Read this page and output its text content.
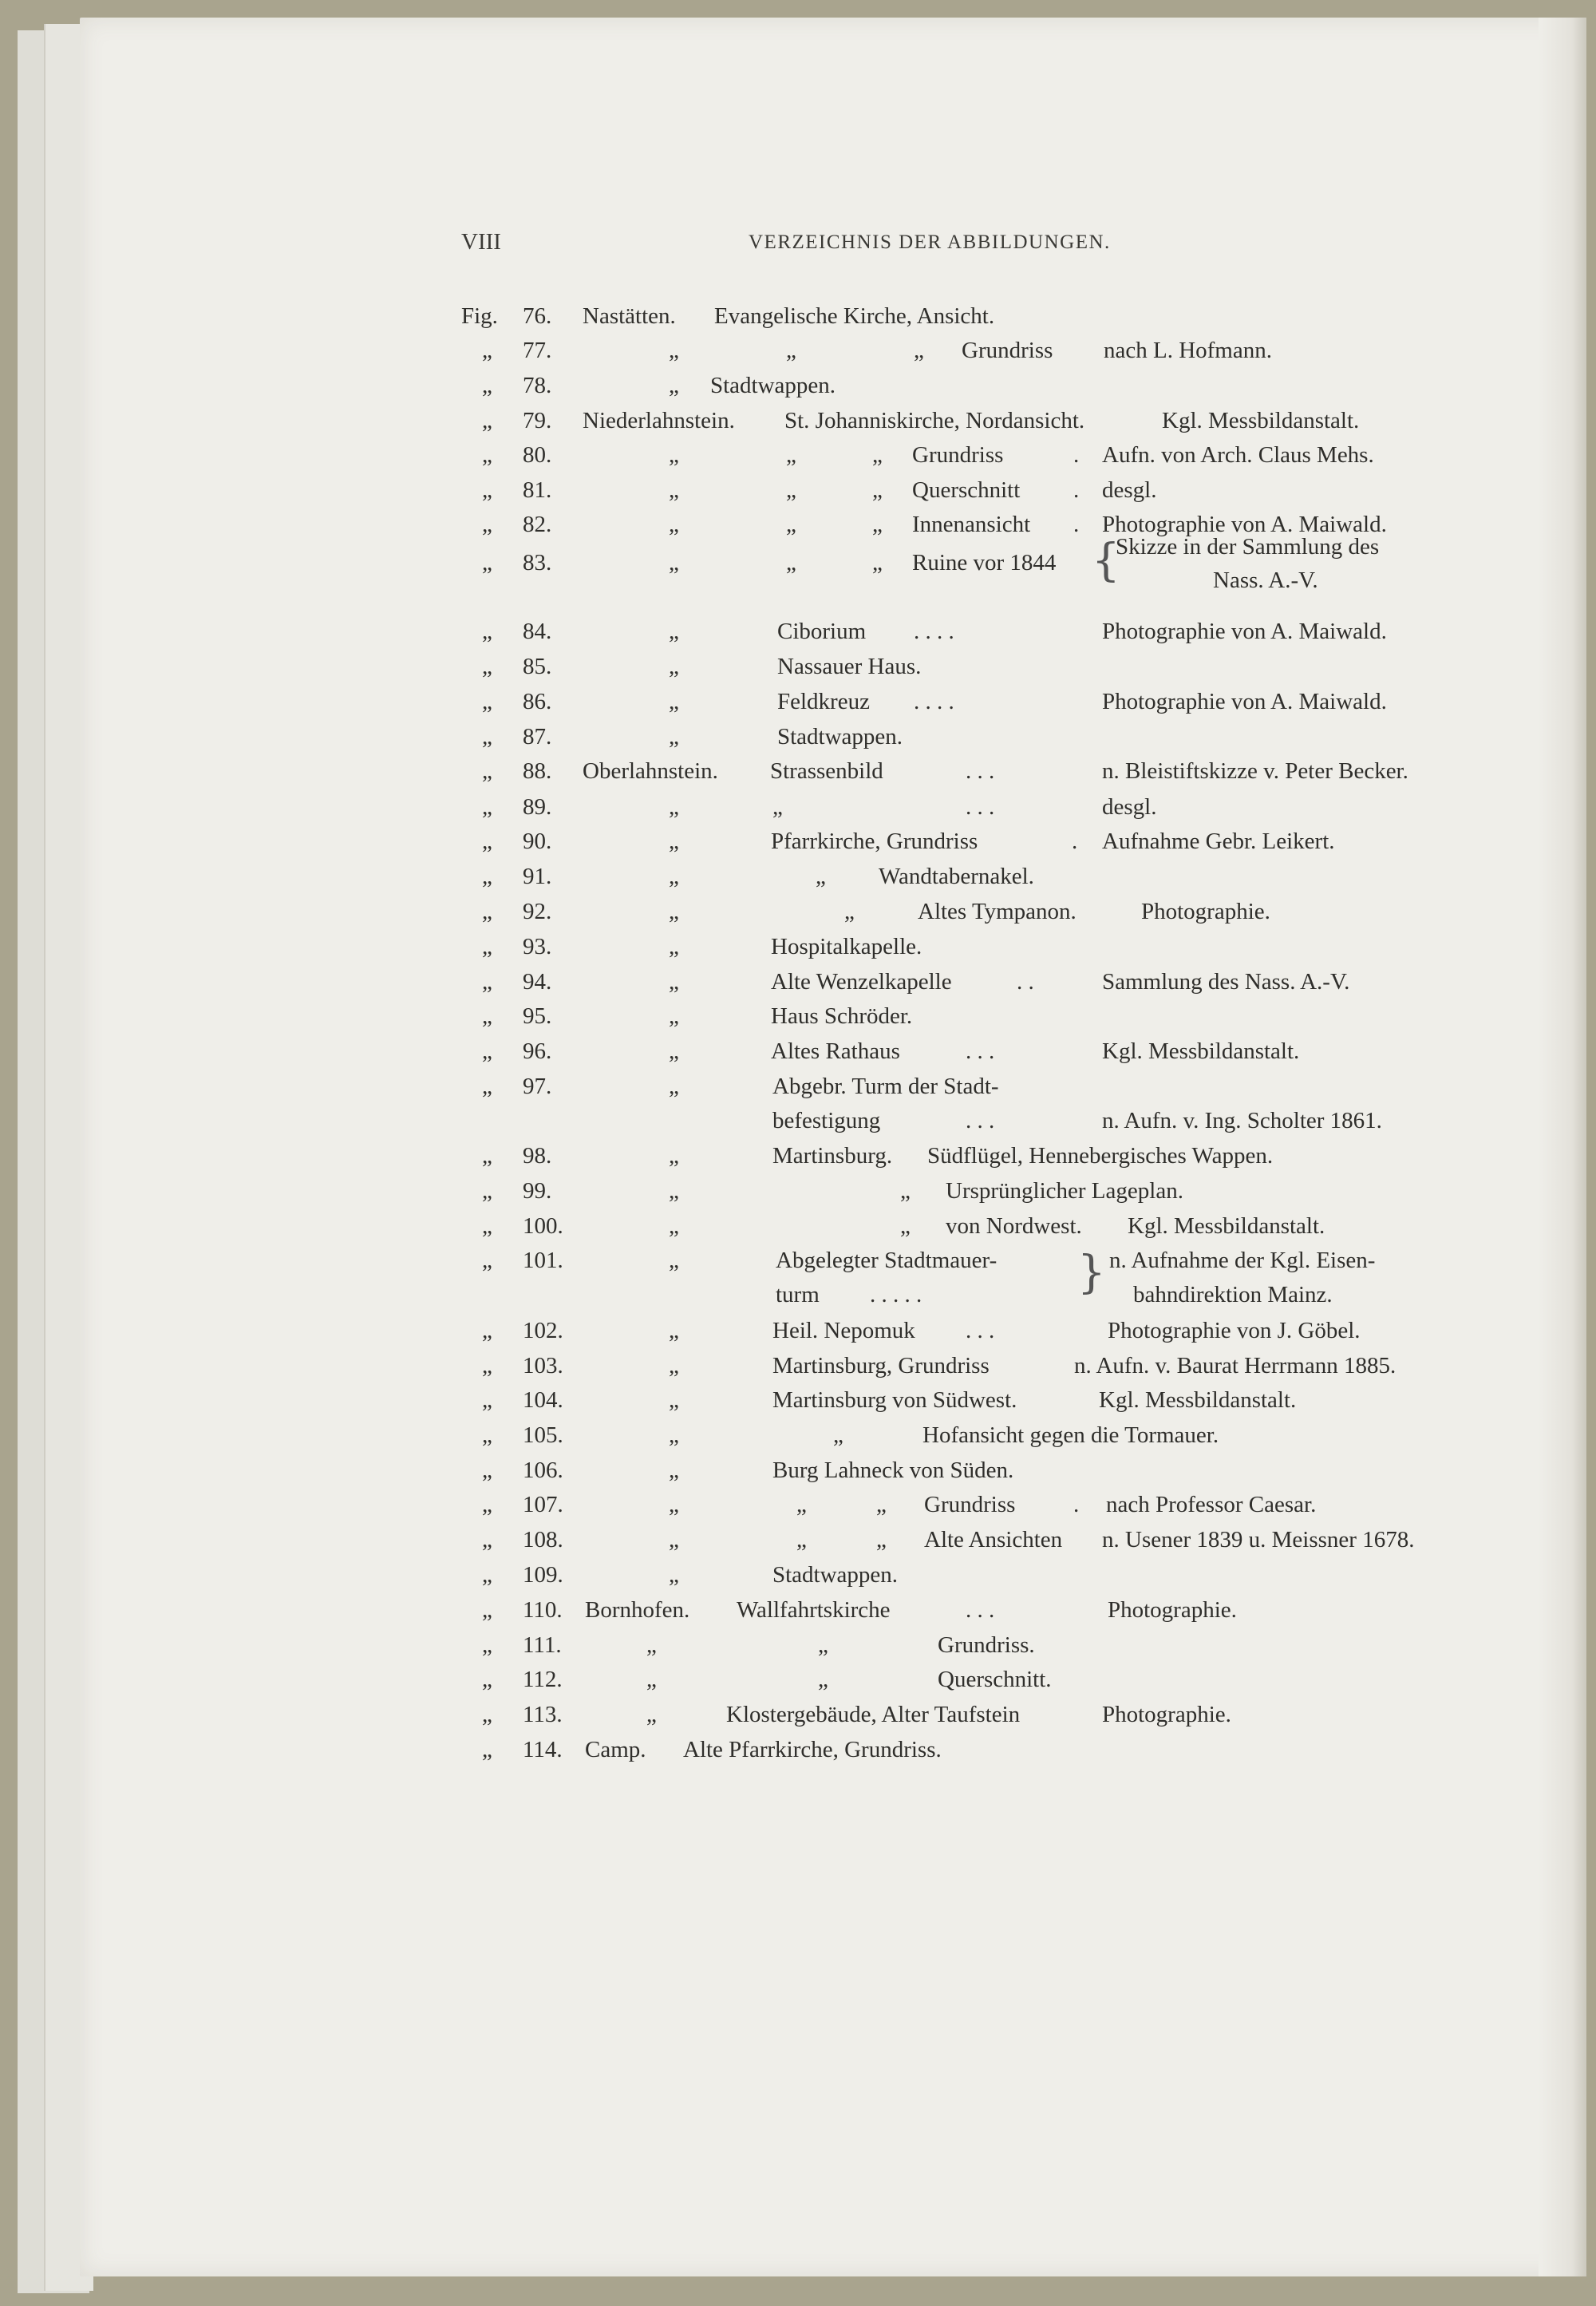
VIII	VERZEICHNIS DER ABBILDUNGEN.
Fig. 76. Nastätten. Evangelische Kirche, Ansicht.
„ 77.	„	„	„ Grundriss nach L. Hofmann.
„ 78.	„ Stadtwappen.
„ 79. Niederlahnstein. St. Johanniskirche, Nordansicht.	Kgl. Messbildanstalt.
„ 80.	„	„	„ Grundriss	. Aufn. von Arch. Claus Mehs.
„ 81.	„	„	„ Querschnitt . desgl.
„ 82.	„	„	„ Innenansicht . Photographie von A. Maiwald.
„ 83.	„	„	„ Ruine vor 1844 {
Skizze in der Sammlung des
Nass. A.-V.
„ 84.	„	Ciborium . . . .	Photographie von A. Maiwald.
„ 85.	„	Nassauer Haus.
„ 86.	„	Feldkreuz . . . .	Photographie von A. Maiwald.
„ 87.	„	Stadtwappen.
„ 88. Oberlahnstein. Strassenbild	. . .	n. Bleistiftskizze v. Peter Becker.
„ 89.	„	„	. . .	desgl.
„ 90.	„	Pfarrkirche, Grundriss	. Aufnahme Gebr. Leikert.
„ 91.	„	„ Wandtabernakel.
„ 92.	„	„	Altes Tympanon.	Photographie.
„ 93.	„	Hospitalkapelle.
„ 94.	„	Alte Wenzelkapelle	. .	Sammlung des Nass. A.-V.
„ 95.	„	Haus Schröder.
„ 96.	„	Altes Rathaus	. . .	Kgl. Messbildanstalt.
„ 97.	„	Abgebr. Turm der Stadt-
befestigung	. . .	n. Aufn. v. Ing. Scholter 1861.
„ 98.	„	Martinsburg. Südflügel, Hennebergisches Wappen.
„ 99.	„	„ Ursprünglicher Lageplan.
„ 100.	„	„ von Nordwest. Kgl. Messbildanstalt.
„ 101.	„	Abgelegter Stadtmauer-
turm . . . . .	} n. Aufnahme der Kgl. Eisen-
bahndirektion Mainz.
„ 102.	„	Heil. Nepomuk . . .	Photographie von J. Göbel.
„ 103.	„	Martinsburg, Grundriss	n. Aufn. v. Baurat Herrmann 1885.
„ 104.	„	Martinsburg von Südwest.	Kgl. Messbildanstalt.
„ 105.	„	„	Hofansicht gegen die Tormauer.
„ 106.	„	Burg Lahneck von Süden.
„ 107.	„	„	„ Grundriss	. nach Professor Caesar.
„ 108.	„	„	„ Alte Ansichten n. Usener 1839 u. Meissner 1678.
„ 109.	„	Stadtwappen.
„ 110. Bornhofen. Wallfahrtskirche	. . .	Photographie.
„ 111.	„	„	Grundriss.
„ 112.	„	„	Querschnitt.
„ 113.	„	Klostergebäude, Alter Taufstein	Photographie.
„ 114. Camp. Alte Pfarrkirche, Grundriss.
